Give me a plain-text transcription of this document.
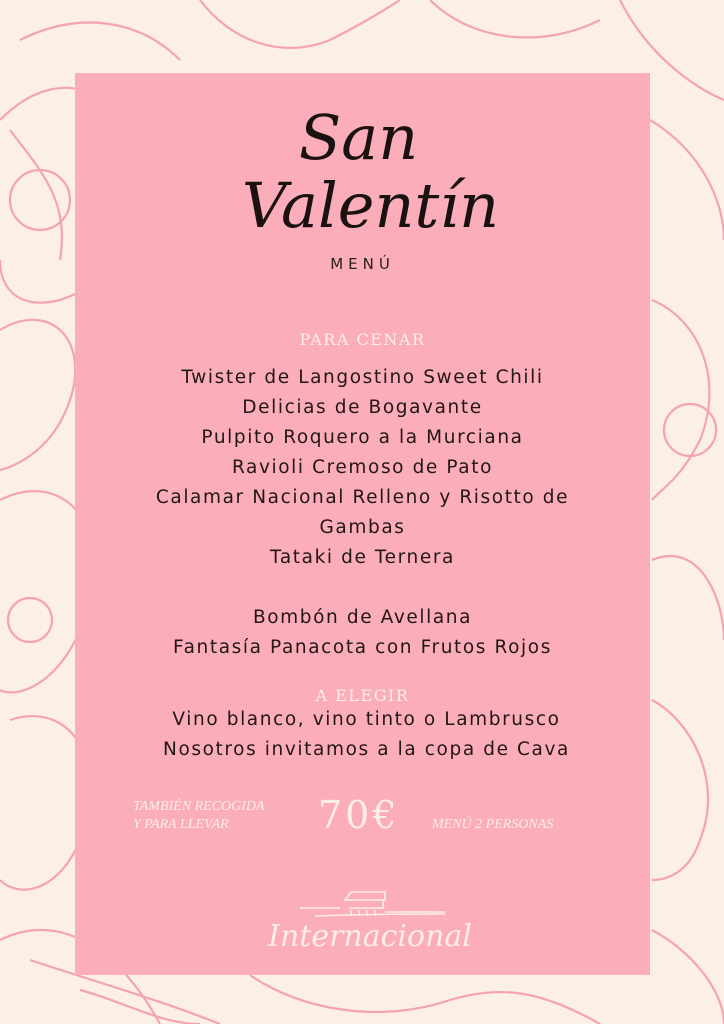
San
Valentín
MENÚ
PARA CENAR
Twister de Langostino Sweet Chili
Delicias de Bogavante
Pulpito Roquero a la Murciana
Ravioli Cremoso de Pato
Calamar Nacional Relleno y Risotto de
Gambas
Tataki de Ternera
Bombón de Avellana
Fantasía Panacota con Frutos Rojos
A ELEGIR
Vino blanco, vino tinto o Lambrusco
Nosotros invitamos a la copa de Cava
TAMBIÉN RECOGIDA
Y PARA LLEVAR	70€ MENÚ 2 PERSONAS
Internacional
